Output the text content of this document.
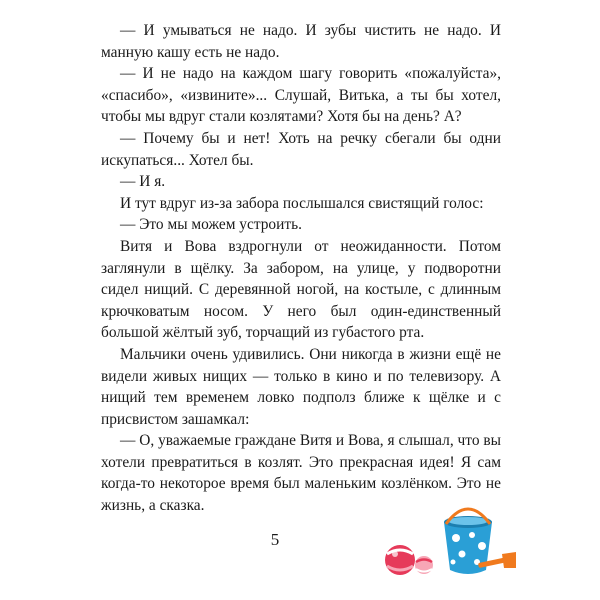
— И умываться не надо. И зубы чистить не надо. И манную кашу есть не надо.

— И не надо на каждом шагу говорить «пожалуйста», «спасибо», «извините»... Слушай, Витька, а ты бы хотел, чтобы мы вдруг стали козлятами? Хотя бы на день? А?

— Почему бы и нет! Хоть на речку сбегали бы одни искупаться... Хотел бы.

— И я.

И тут вдруг из-за забора послышался свистящий голос:

— Это мы можем устроить.

Витя и Вова вздрогнули от неожиданности. Потом заглянули в щёлку. За забором, на улице, у подворотни сидел нищий. С деревянной ногой, на костыле, с длинным крючковатым носом. У него был один-единственный большой жёлтый зуб, торчащий из губастого рта.

Мальчики очень удивились. Они никогда в жизни ещё не видели живых нищих — только в кино и по телевизору. А нищий тем временем ловко подполз ближе к щёлке и с присвистом зашамкал:

— О, уважаемые граждане Витя и Вова, я слышал, что вы хотели превратиться в козлят. Это прекрасная идея! Я сам когда-то некоторое время был маленьким козлёнком. Это не жизнь, а сказка.

5
